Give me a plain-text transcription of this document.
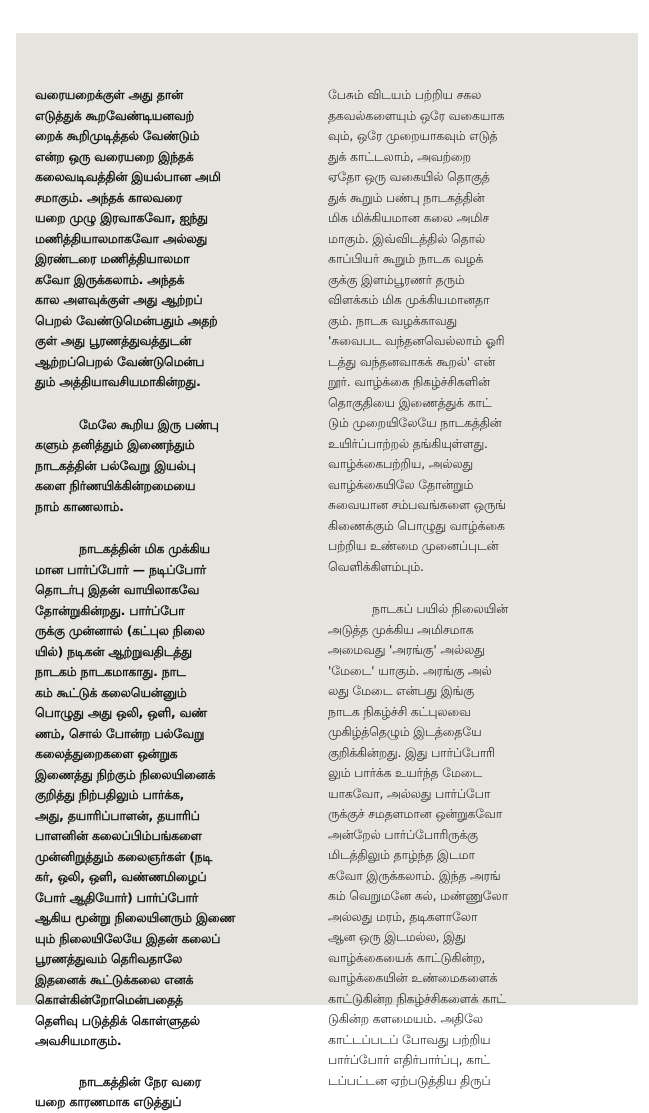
வரையறைக்குள் அது தான்
எடுத்துக் கூறவேண்டியனவற்
றைக் கூறிமுடித்தல் வேண்டும்
என்ற ஒரு வரையறை இந்தக்
கலைவடிவத்தின் இயல்பான அமி
சமாகும். அந்தக் காலவரை
யறை முழு இரவாகவோ, ஐந்து
மணித்தியாலமாகவோ அல்லது
இரண்டரை மணித்தியாலமா
கவோ இருக்கலாம். அந்தக்
கால அளவுக்குள் அது ஆற்றப்
பெறல் வேண்டுமென்பதும் அதற்
குள் அது பூரணத்துவத்துடன்
ஆற்றப்பெறல் வேண்டுமென்ப
தும் அத்தியாவசியமாகின்றது.
மேலே கூறிய இரு பண்பு
களும் தனித்தும் இணைந்தும்
நாடகத்தின் பல்வேறு இயல்பு
களை நிர்ணயிக்கின்றமையை
நாம் காணலாம்.
நாடகத்தின் மிக முக்கிய
மான பார்ப்போர் — நடிப்போர்
தொடர்பு இதன் வாயிலாகவே
தோன்றுகின்றது. பார்ப்போ
ருக்கு முன்னால் (கட்புல நிலை
யில்) நடிகன் ஆற்றுவதிடத்து
நாடகம் நாடகமாகாது. நாட
கம் கூட்டுக் கலையென்னும்
பொழுது அது ஒலி, ஒளி, வண்
ணம், சொல் போன்ற பல்வேறு
கலைத்துறைகளை ஒன்றுக
இணைத்து நிற்கும் நிலையினைக்
குறித்து நிற்பதிலும் பார்க்க,
அது, தயாரிப்பாளன், தயாரிப்
பாளனின் கலைப்பிம்பங்களை
முன்னிறுத்தும் கலைஞர்கள் (நடி
கர், ஒலி, ஒளி, வண்ணமிழைப்
போர் ஆதியோர்) பார்ப்போர்
ஆகிய மூன்று நிலையினரும் இணை
யும் நிலையிலேயே இதன் கலைப்
பூரணத்துவம் தெரிவதாலே
இதனைக் கூட்டுக்கலை எனக்
கொள்கின்றோமென்பதைத்
தெளிவு படுத்திக் கொள்ளுதல்
அவசியமாகும்.
நாடகத்தின் நேர வரை
யறை காரணமாக எடுத்துப்
பேசும் விடயம் பற்றிய சகல
தகவல்களையும் ஒரே வகையாக
வும், ஒரே முறையாகவும் எடுத்
துக் காட்டலாம், அவற்றை
ஏதோ ஒரு வகையில் தொகுத்
துக் கூறும் பண்பு நாடகத்தின்
மிக மிக்கியமான கலை அமிச
மாகும். இவ்விடத்தில் தொல்
காப்பியர் கூறும் நாடக வழக்
குக்கு இளம்பூரணர் தரும்
விளக்கம் மிக முக்கியமானதா
கும். நாடக வழக்காவது
'சுவைபட வந்தனவெல்லாம் ஓரி
டத்து வந்தனவாகக் கூறல்' என்
றூர். வாழ்க்கை நிகழ்ச்சிகளின்
தொகுதியை இணைத்துக் காட்
டும் முறையிலேயே நாடகத்தின்
உயிர்ப்பாற்றல் தங்கியுள்ளது.
வாழ்க்கைபற்றிய, அல்லது
வாழ்க்கையிலே தோன்றும்
சுவையான சம்பவங்களை ஒருங்
கிணைக்கும் பொழுது வாழ்க்கை
பற்றிய உண்மை முனைப்புடன்
வெளிக்கிளம்பும்.
நாடகப் பயில் நிலையின்
அடுத்த முக்கிய அமிசமாக
அமைவது 'அரங்கு' அல்லது
'மேடை' யாகும். அரங்கு அல்
லது மேடை என்பது இங்கு
நாடக நிகழ்ச்சி கட்புலவை
முகிழ்த்தெழும் இடத்தையே
குறிக்கின்றது. இது பார்ப்போரி
லும் பார்க்க உயர்ந்த மேடை
யாகவோ, அல்லது பார்ப்போ
ருக்குச் சமதளமான ஒன்றுகவோ
அன்றேல் பார்ப்போரிருக்கு
மிடத்திலும் தாழ்ந்த இடமா
கவோ இருக்கலாம். இந்த அரங்
கம் வெறுமனே கல், மண்ணுலோ
அல்லது மரம், தடிகளாலோ
ஆன ஒரு இடமல்ல, இது
வாழ்க்கையைக் காட்டுகின்ற,
வாழ்க்கையின் உண்மைகளைக்
காட்டுகின்ற நிகழ்ச்சிகளைக் காட்
டுகின்ற களமையம். அதிலே
காட்டப்படப் போவது பற்றிய
பார்ப்போர் எதிர்பார்ப்பு, காட்
டப்பட்டன ஏற்படுத்திய திருப்
